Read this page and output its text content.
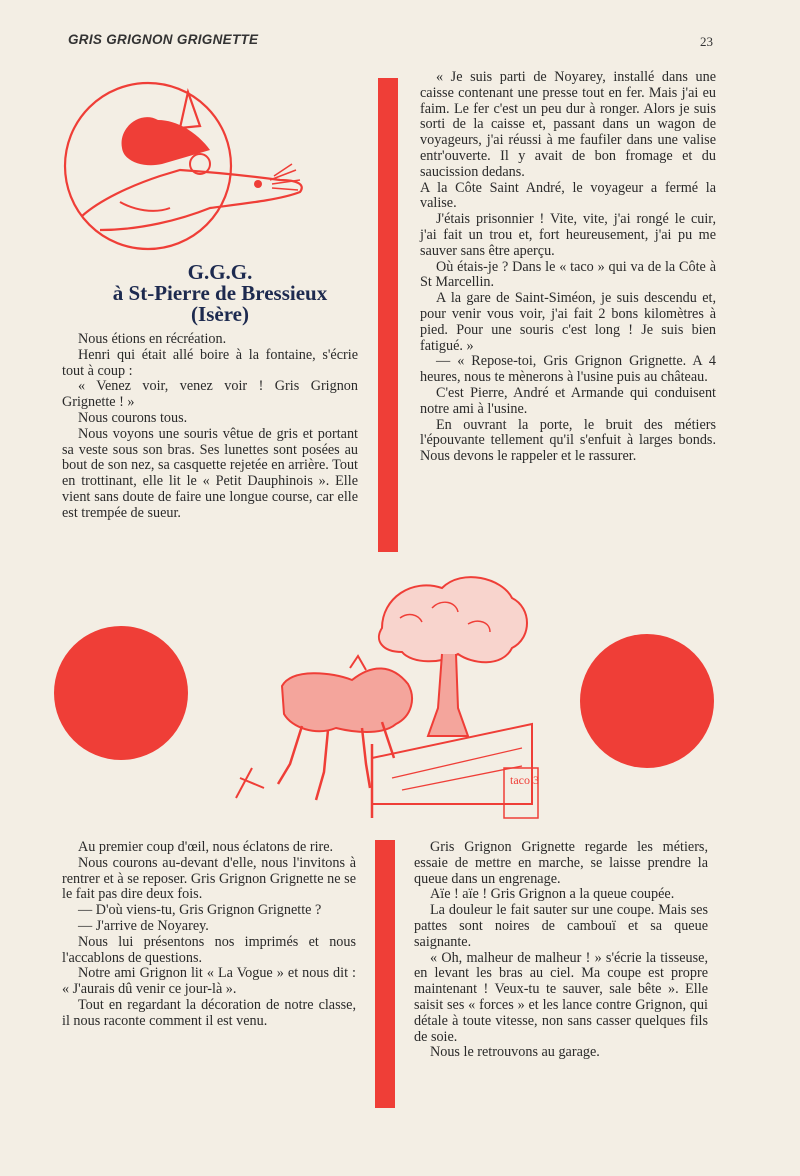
GRIS GRIGNON GRIGNETTE	23
G.G.G.
à St-Pierre de Bressieux
(Isère)

Nous étions en récréation.

Henri qui était allé boire à la fontaine, s'écrie tout à coup :

« Venez voir, venez voir ! Gris Grignon Grignette ! »

Nous courons tous.

Nous voyons une souris vêtue de gris et portant sa veste sous son bras. Ses lunettes sont posées au bout de son nez, sa casquette rejetée en arrière. Tout en trottinant, elle lit le « Petit Dauphinois ». Elle vient sans doute de faire une longue course, car elle est trempée de sueur.

« Je suis parti de Noyarey, installé dans une caisse contenant une presse tout en fer. Mais j'ai eu faim. Le fer c'est un peu dur à ronger. Alors je suis sorti de la caisse et, passant dans un wagon de voyageurs, j'ai réussi à me faufiler dans une valise entr'ouverte. Il y avait de bon fromage et du saucission dedans.

A la Côte Saint André, le voyageur a fermé la valise.

J'étais prisonnier ! Vite, vite, j'ai rongé le cuir, j'ai fait un trou et, fort heureusement, j'ai pu me sauver sans être aperçu.

Où étais-je ? Dans le « taco » qui va de la Côte à St Marcellin.

A la gare de Saint-Siméon, je suis descendu et, pour venir vous voir, j'ai fait 2 bons kilomètres à pied. Pour une souris c'est long ! Je suis bien fatigué. »

— « Repose-toi, Gris Grignon Grignette. A 4 heures, nous te mènerons à l'usine puis au château.

C'est Pierre, André et Armande qui conduisent notre ami à l'usine.

En ouvrant la porte, le bruit des métiers l'épouvante tellement qu'il s'enfuit à larges bonds. Nous devons le rappeler et le rassurer.

taco 3

Au premier coup d'œil, nous éclatons de rire.

Nous courons au-devant d'elle, nous l'invitons à rentrer et à se reposer. Gris Grignon Grignette ne se le fait pas dire deux fois.

— D'où viens-tu, Gris Grignon Grignette ?

— J'arrive de Noyarey.

Nous lui présentons nos imprimés et nous l'accablons de questions.

Notre ami Grignon lit « La Vogue » et nous dit : « J'aurais dû venir ce jour-là ».

Tout en regardant la décoration de notre classe, il nous raconte comment il est venu.

Gris Grignon Grignette regarde les métiers, essaie de mettre en marche, se laisse prendre la queue dans un engrenage.

Aïe ! aïe ! Gris Grignon a la queue coupée.

La douleur le fait sauter sur une coupe. Mais ses pattes sont noires de cambouï et sa queue saignante.

« Oh, malheur de malheur ! » s'écrie la tisseuse, en levant les bras au ciel. Ma coupe est propre maintenant ! Veux-tu te sauver, sale bête ». Elle saisit ses « forces » et les lance contre Grignon, qui détale à toute vitesse, non sans casser quelques fils de soie.

Nous le retrouvons au garage.
